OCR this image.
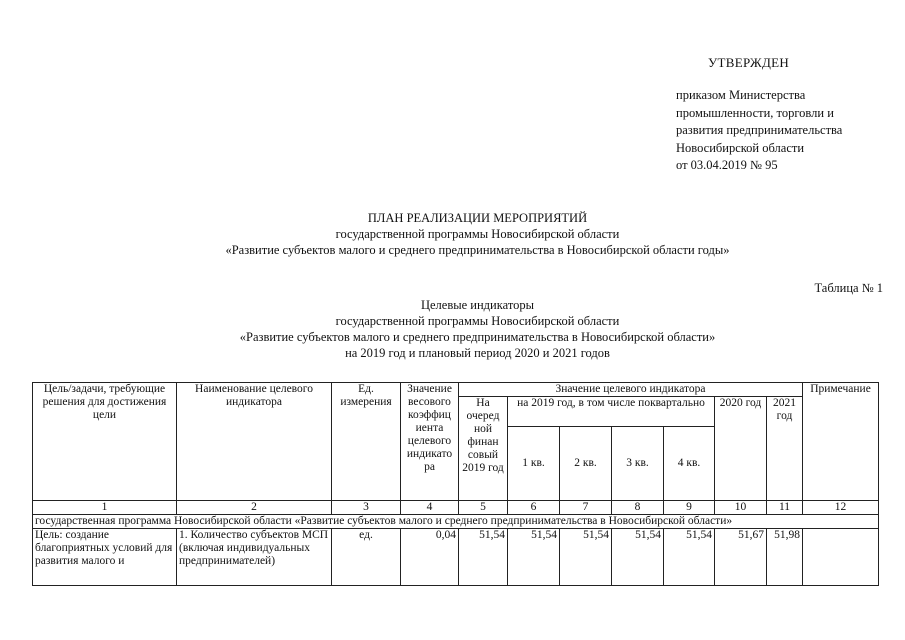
УТВЕРЖДЕН
приказом Министерства
промышленности, торговли и
развития предпринимательства
Новосибирской области
от 03.04.2019 № 95
ПЛАН РЕАЛИЗАЦИИ МЕРОПРИЯТИЙ
государственной программы Новосибирской области
«Развитие субъектов малого и среднего предпринимательства в Новосибирской области годы»
Таблица № 1
Целевые индикаторы
государственной программы Новосибирской области
«Развитие субъектов малого и среднего предпринимательства в Новосибирской области»
на 2019 год и плановый период 2020 и 2021 годов
Цель/задачи, требующие решения для достижения цели	Наименование целевого индикатора	Ед. измерения	Значение весового коэффиц иента целевого индикато ра	Значение целевого индикатора							Примечание
				На очеред ной финан совый 2019 год	на 2019 год, в том числе поквартально				2020 год	2021 год	
					1 кв.	2 кв.	3 кв.	4 кв.			
1	2	3	4	5	6	7	8	9	10	11	12
государственная программа Новосибирской области «Развитие субъектов малого и среднего предпринимательства в Новосибирской области»											
Цель: создание благоприятных условий для развития малого и	1. Количество субъектов МСП (включая индивидуальных предпринимателей)	ед.	0,04	51,54	51,54	51,54	51,54	51,54	51,67	51,98	
